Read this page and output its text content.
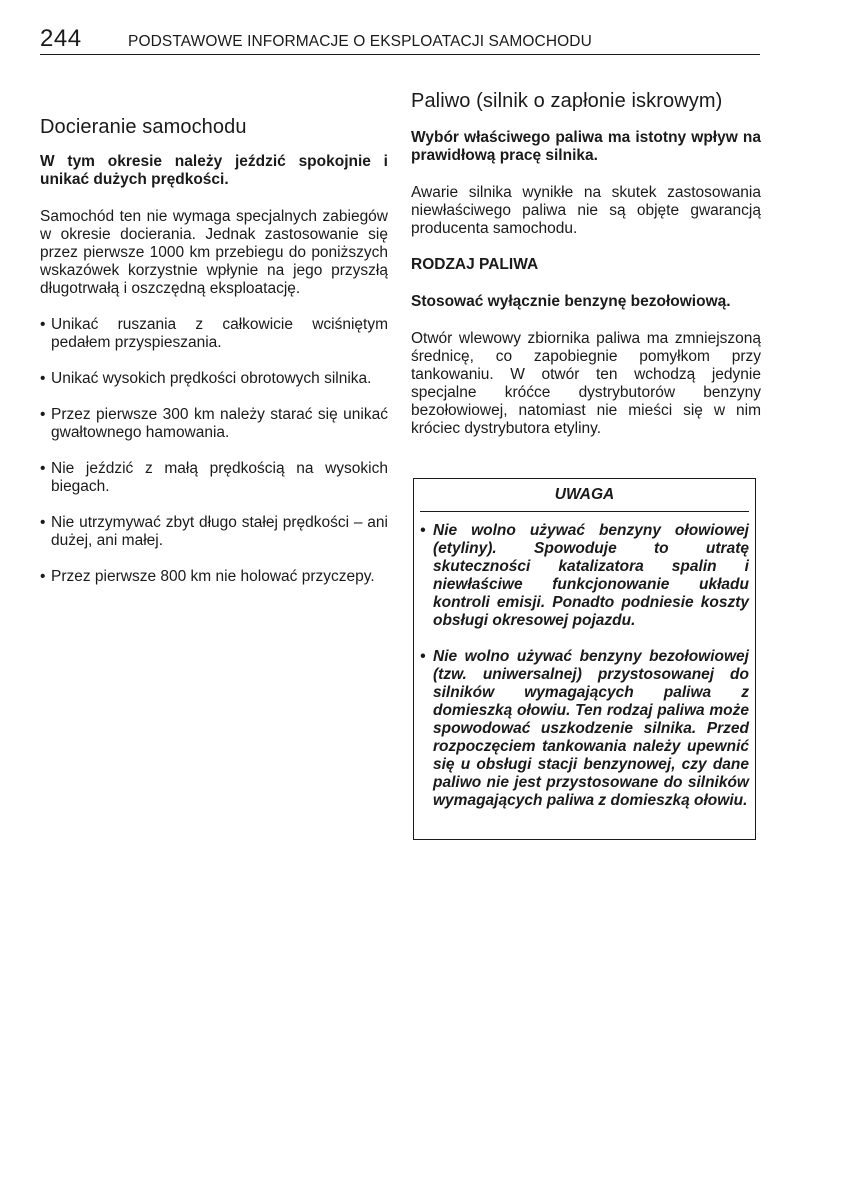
244	PODSTAWOWE INFORMACJE O EKSPLOATACJI SAMOCHODU
Docieranie samochodu

W tym okresie należy jeździć spokojnie i unikać dużych prędkości.

Samochód ten nie wymaga specjalnych zabiegów w okresie docierania. Jednak zastosowanie się przez pierwsze 1000 km przebiegu do poniższych wskazówek korzystnie wpłynie na jego przyszłą długotrwałą i oszczędną eksploatację.

• Unikać ruszania z całkowicie wciśniętym pedałem przyspieszania.
• Unikać wysokich prędkości obrotowych silnika.
• Przez pierwsze 300 km należy starać się unikać gwałtownego hamowania.
• Nie jeździć z małą prędkością na wysokich biegach.
• Nie utrzymywać zbyt długo stałej prędkości – ani dużej, ani małej.
• Przez pierwsze 800 km nie holować przyczepy.
Paliwo (silnik o zapłonie iskrowym)

Wybór właściwego paliwa ma istotny wpływ na prawidłową pracę silnika.

Awarie silnika wynikłe na skutek zastosowania niewłaściwego paliwa nie są objęte gwarancją producenta samochodu.

RODZAJ PALIWA

Stosować wyłącznie benzynę bezołowiową.

Otwór wlewowy zbiornika paliwa ma zmniejszoną średnicę, co zapobiegnie pomyłkom przy tankowaniu. W otwór ten wchodzą jedynie specjalne króćce dystrybutorów benzyny bezołowiowej, natomiast nie mieści się w nim króciec dystrybutora etyliny.

UWAGA
• Nie wolno używać benzyny ołowiowej (etyliny). Spowoduje to utratę skuteczności katalizatora spalin i niewłaściwe funkcjonowanie układu kontroli emisji. Ponadto podniesie koszty obsługi okresowej pojazdu.
• Nie wolno używać benzyny bezołowiowej (tzw. uniwersalnej) przystosowanej do silników wymagających paliwa z domieszką ołowiu. Ten rodzaj paliwa może spowodować uszkodzenie silnika. Przed rozpoczęciem tankowania należy upewnić się u obsługi stacji benzynowej, czy dane paliwo nie jest przystosowane do silników wymagających paliwa z domieszką ołowiu.
